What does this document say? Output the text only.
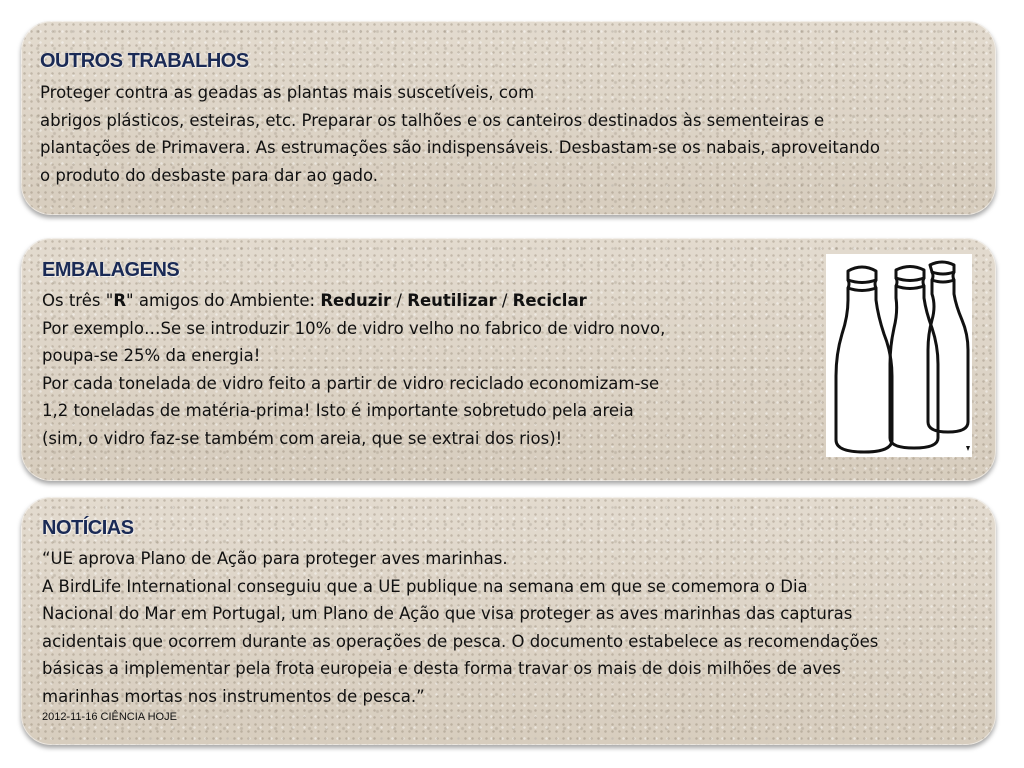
OUTROS TRABALHOS

Proteger contra as geadas as plantas mais suscetíveis, com
abrigos plásticos, esteiras, etc. Preparar os talhões e os canteiros destinados às sementeiras e
plantações de Primavera. As estrumações são indispensáveis. Desbastam-se os nabais, aproveitando
o produto do desbaste para dar ao gado.

EMBALAGENS

Os três "R" amigos do Ambiente: Reduzir / Reutilizar / Reciclar
Por exemplo…Se se introduzir 10% de vidro velho no fabrico de vidro novo,
poupa-se 25% da energia!
Por cada tonelada de vidro feito a partir de vidro reciclado economizam-se
1,2 toneladas de matéria-prima! Isto é importante sobretudo pela areia
(sim, o vidro faz-se também com areia, que se extrai dos rios)!

NOTÍCIAS

“UE aprova Plano de Ação para proteger aves marinhas.
A BirdLife International conseguiu que a UE publique na semana em que se comemora o Dia
Nacional do Mar em Portugal, um Plano de Ação que visa proteger as aves marinhas das capturas
acidentais que ocorrem durante as operações de pesca. O documento estabelece as recomendações
básicas a implementar pela frota europeia e desta forma travar os mais de dois milhões de aves
marinhas mortas nos instrumentos de pesca.”

2012-11-16 CIÊNCIA HOJE
